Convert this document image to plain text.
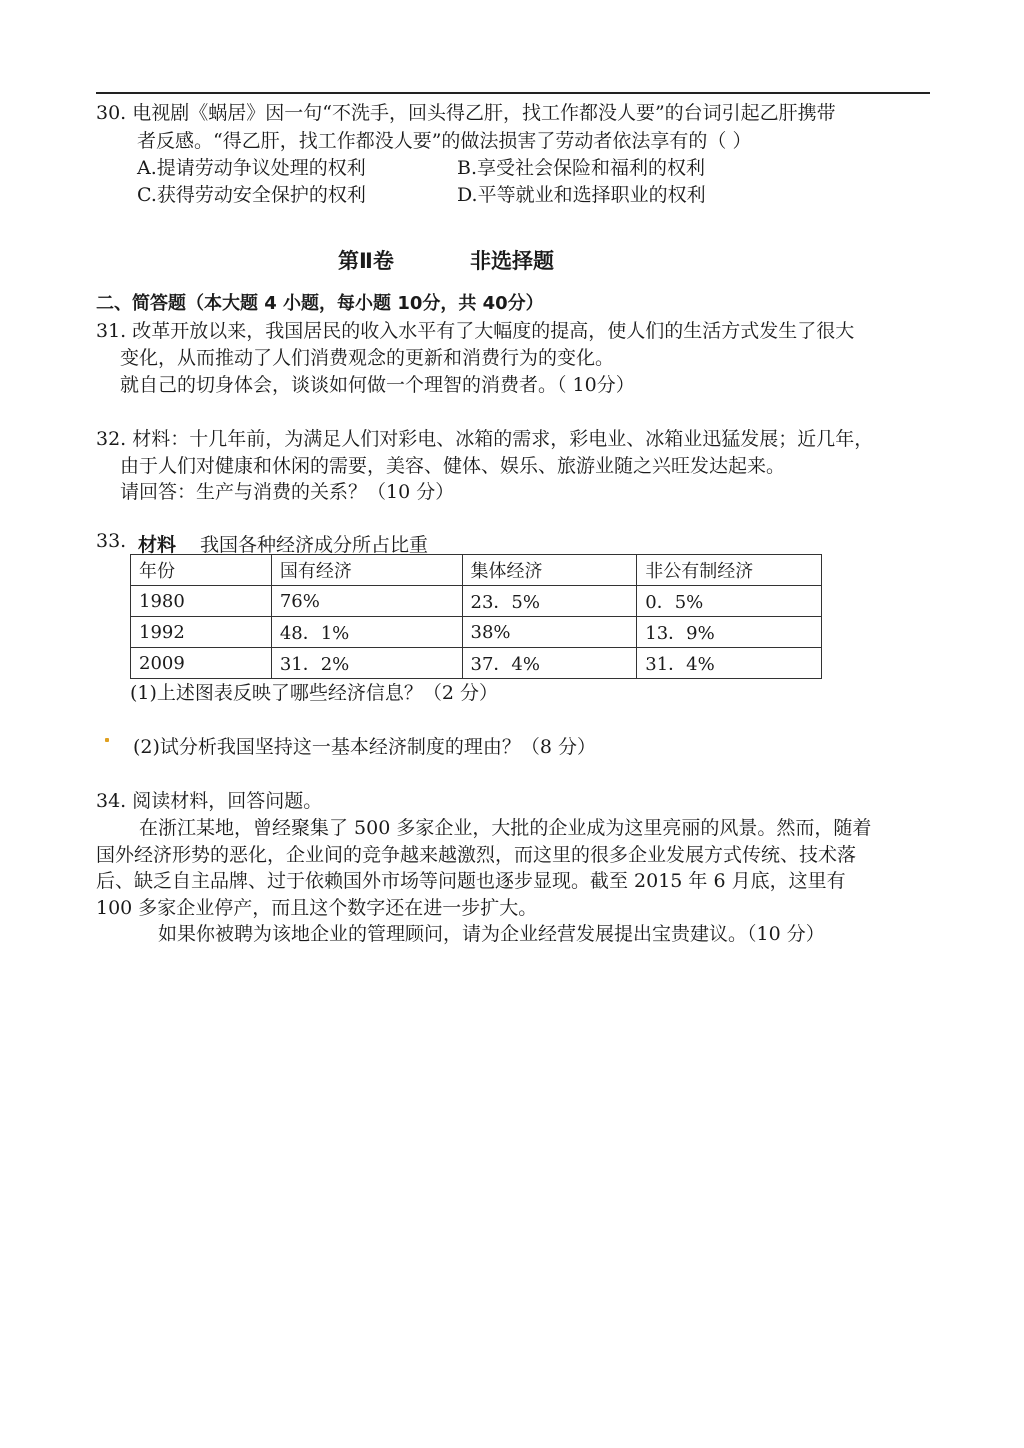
30. 电视剧《蜗居》因一句“不洗手，回头得乙肝，找工作都没人要”的台词引起乙肝携带
者反感。“得乙肝，找工作都没人要”的做法损害了劳动者依法享有的（ ）
A.提请劳动争议处理的权利	B.享受社会保险和福利的权利
C.获得劳动安全保护的权利	D.平等就业和选择职业的权利
第Ⅱ卷	非选择题
二、简答题（本大题 4 小题，每小题 10分，共 40分）
31. 改革开放以来，我国居民的收入水平有了大幅度的提高，使人们的生活方式发生了很大
变化，从而推动了人们消费观念的更新和消费行为的变化。
就自己的切身体会，谈谈如何做一个理智的消费者。（ 10分）
32. 材料：十几年前，为满足人们对彩电、冰箱的需求，彩电业、冰箱业迅猛发展；近几年，
由于人们对健康和休闲的需要，美容、健体、娱乐、旅游业随之兴旺发达起来。
请回答：生产与消费的关系？（10 分）
33. 材料 我国各种经济成分所占比重
年份	国有经济	集体经济	非公有制经济
1980	76%	23．5%	0．5%
1992	48．1%	38%	13．9%
2009	31．2%	37．4%	31．4%
(1)上述图表反映了哪些经济信息？（2 分）
(2)试分析我国坚持这一基本经济制度的理由？（8 分）
34. 阅读材料，回答问题。
在浙江某地，曾经聚集了 500 多家企业，大批的企业成为这里亮丽的风景。然而，随着
国外经济形势的恶化，企业间的竞争越来越激烈，而这里的很多企业发展方式传统、技术落
后、缺乏自主品牌、过于依赖国外市场等问题也逐步显现。截至 2015 年 6 月底，这里有
100 多家企业停产，而且这个数字还在进一步扩大。
如果你被聘为该地企业的管理顾问，请为企业经营发展提出宝贵建议。（10 分）
